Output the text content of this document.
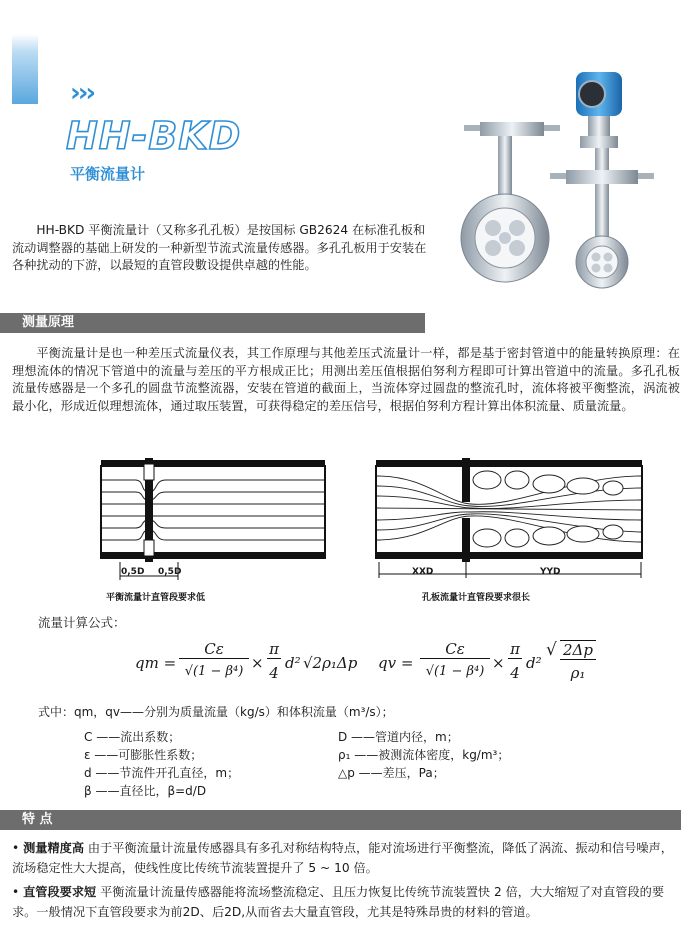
›››
HH-BKD
平衡流量计
HH-BKD 平衡流量计（又称多孔孔板）是按国标 GB2624 在标准孔板和流动调整器的基础上研发的一种新型节流式流量传感器。多孔孔板用于安装在各种扰动的下游，以最短的直管段數设提供卓越的性能。
测量原理
平衡流量计是也一种差压式流量仪表，其工作原理与其他差压式流量计一样，都是基于密封管道中的能量转换原理：在理想流体的情况下管道中的流量与差压的平方根成正比；用测出差压值根据伯努利方程即可计算出管道中的流量。多孔孔板流量传感器是一个多孔的圆盘节流整流器，安装在管道的截面上，当流体穿过圆盘的整流孔时，流体将被平衡整流，涡流被最小化，形成近似理想流体，通过取压装置，可获得稳定的差压信号，根据伯努利方程计算出体积流量、质量流量。
0,5D 0,5D
平衡流量计直管段要求低
XXD	YYD
孔板流量计直管段要求很长
流量计算公式：
qm =
Cε
√(1 − β⁴) ×
π
4
d² √2ρ₁Δp qv =
Cε
√(1 − β⁴) ×
π
4
d²
√ 2Δp
ρ₁
式中：qm，qv——分别为质量流量（kg/s）和体积流量（m³/s）；
C ——流出系数；
ε ——可膨胀性系数；
d ——节流件开孔直径，m；
β ——直径比，β=d/D
D ——管道内径，m；
ρ₁ ——被测流体密度，kg/m³；
△p ——差压，Pa；
特 点
• 测量精度高 由于平衡流量计流量传感器具有多孔对称结构特点，能对流场进行平衡整流，降低了涡流、振动和信号噪声，流场稳定性大大提高，使线性度比传统节流装置提升了 5 ~ 10 倍。
• 直管段要求短 平衡流量计流量传感器能将流场整流稳定、且压力恢复比传统节流装置快 2 倍，大大缩短了对直管段的要求。一般情况下直管段要求为前2D、后2D,从而省去大量直管段，尤其是特殊昂贵的材料的管道。
